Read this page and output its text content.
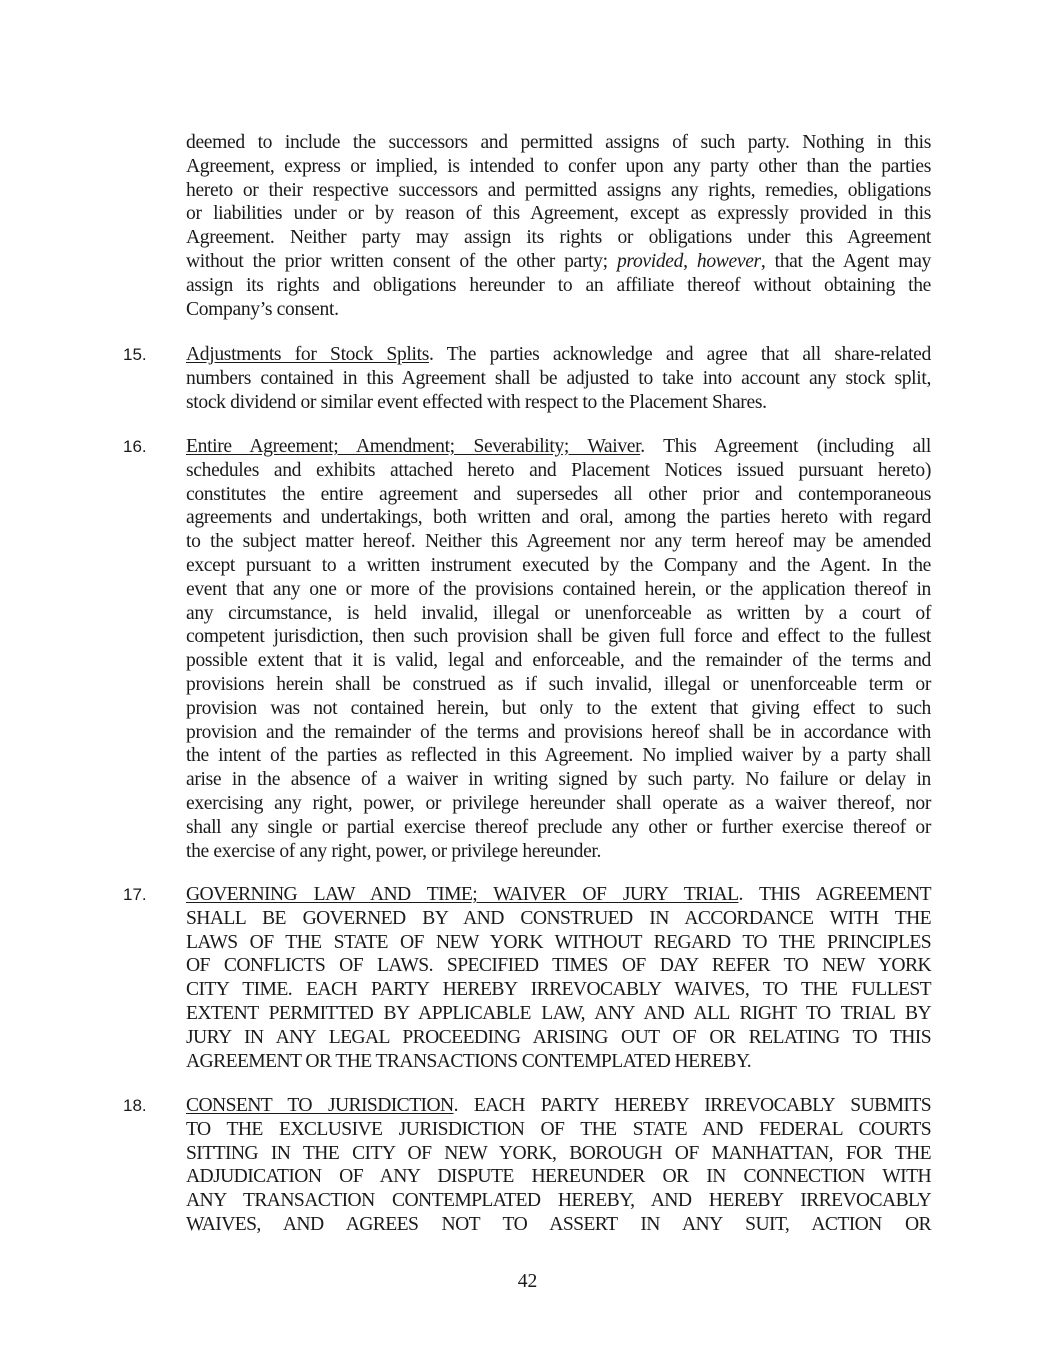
deemed to include the successors and permitted assigns of such party. Nothing in this
Agreement, express or implied, is intended to confer upon any party other than the parties
hereto or their respective successors and permitted assigns any rights, remedies, obligations
or liabilities under or by reason of this Agreement, except as expressly provided in this
Agreement. Neither party may assign its rights or obligations under this Agreement
without the prior written consent of the other party; provided, however, that the Agent may
assign its rights and obligations hereunder to an affiliate thereof without obtaining the
Company’s consent.
15. Adjustments for Stock Splits. The parties acknowledge and agree that all share-related
numbers contained in this Agreement shall be adjusted to take into account any stock split,
stock dividend or similar event effected with respect to the Placement Shares.
16. Entire Agreement; Amendment; Severability; Waiver. This Agreement (including all
schedules and exhibits attached hereto and Placement Notices issued pursuant hereto)
constitutes the entire agreement and supersedes all other prior and contemporaneous
agreements and undertakings, both written and oral, among the parties hereto with regard
to the subject matter hereof. Neither this Agreement nor any term hereof may be amended
except pursuant to a written instrument executed by the Company and the Agent. In the
event that any one or more of the provisions contained herein, or the application thereof in
any circumstance, is held invalid, illegal or unenforceable as written by a court of
competent jurisdiction, then such provision shall be given full force and effect to the fullest
possible extent that it is valid, legal and enforceable, and the remainder of the terms and
provisions herein shall be construed as if such invalid, illegal or unenforceable term or
provision was not contained herein, but only to the extent that giving effect to such
provision and the remainder of the terms and provisions hereof shall be in accordance with
the intent of the parties as reflected in this Agreement. No implied waiver by a party shall
arise in the absence of a waiver in writing signed by such party. No failure or delay in
exercising any right, power, or privilege hereunder shall operate as a waiver thereof, nor
shall any single or partial exercise thereof preclude any other or further exercise thereof or
the exercise of any right, power, or privilege hereunder.
17. GOVERNING LAW AND TIME; WAIVER OF JURY TRIAL. THIS AGREEMENT
SHALL BE GOVERNED BY AND CONSTRUED IN ACCORDANCE WITH THE
LAWS OF THE STATE OF NEW YORK WITHOUT REGARD TO THE PRINCIPLES
OF CONFLICTS OF LAWS. SPECIFIED TIMES OF DAY REFER TO NEW YORK
CITY TIME. EACH PARTY HEREBY IRREVOCABLY WAIVES, TO THE FULLEST
EXTENT PERMITTED BY APPLICABLE LAW, ANY AND ALL RIGHT TO TRIAL BY
JURY IN ANY LEGAL PROCEEDING ARISING OUT OF OR RELATING TO THIS
AGREEMENT OR THE TRANSACTIONS CONTEMPLATED HEREBY.
18. CONSENT TO JURISDICTION. EACH PARTY HEREBY IRREVOCABLY SUBMITS
TO THE EXCLUSIVE JURISDICTION OF THE STATE AND FEDERAL COURTS
SITTING IN THE CITY OF NEW YORK, BOROUGH OF MANHATTAN, FOR THE
ADJUDICATION OF ANY DISPUTE HEREUNDER OR IN CONNECTION WITH
ANY TRANSACTION CONTEMPLATED HEREBY, AND HEREBY IRREVOCABLY
WAIVES, AND AGREES NOT TO ASSERT IN ANY SUIT, ACTION OR
42
